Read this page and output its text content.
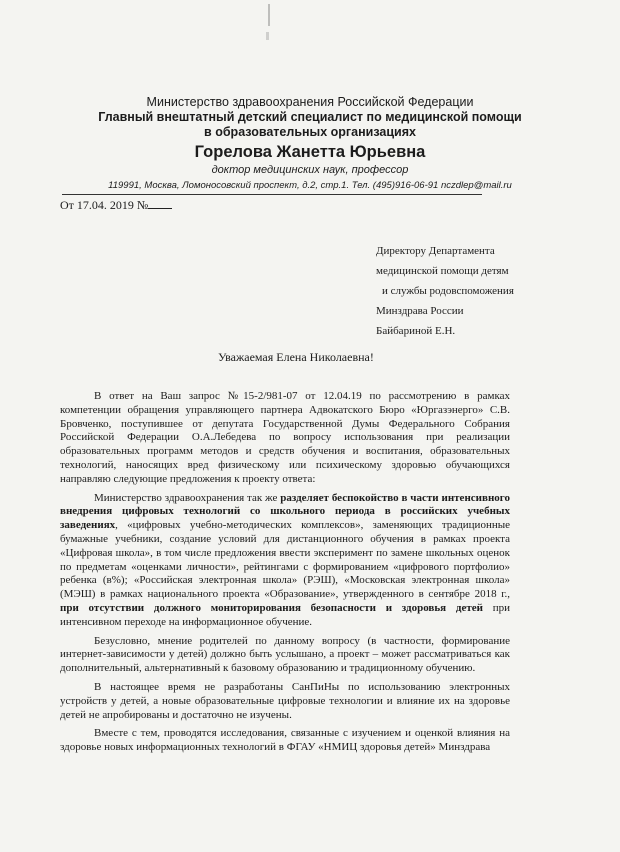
Министерство здравоохранения Российской Федерации
Главный внештатный детский специалист по медицинской помощи
в образовательных организациях
Горелова Жанетта Юрьевна
доктор медицинских наук, профессор
119991, Москва, Ломоносовский проспект, д.2, стр.1. Тел. (495)916-06-91 nczdlep@mail.ru
От 17.04. 2019 №
Директору Департамента
медицинской помощи детям
и службы родовспоможения
Минздрава России
Байбариной Е.Н.
Уважаемая Елена Николаевна!

В ответ на Ваш запрос №15-2/981-07 от 12.04.19 по рассмотрению в рамках компетенции обращения управляющего партнера Адвокатского Бюро «Юргазэнерго» С.В. Бровченко, поступившее от депутата Государственной Думы Федерального Собрания Российской Федерации О.А.Лебедева по вопросу использования при реализации образовательных программ методов и средств обучения и воспитания, образовательных технологий, наносящих вред физическому или психическому здоровью обучающихся направляю следующие предложения к проекту ответа:

Министерство здравоохранения так же разделяет беспокойство в части интенсивного внедрения цифровых технологий со школьного периода в российских учебных заведениях, «цифровых учебно-методических комплексов», заменяющих традиционные бумажные учебники, создание условий для дистанционного обучения в рамках проекта «Цифровая школа», в том числе предложения ввести эксперимент по замене школьных оценок по предметам «оценками личности», рейтингами с формированием «цифрового портфолио» ребенка (в%); «Российская электронная школа» (РЭШ), «Московская электронная школа» (МЭШ) в рамках национального проекта «Образование», утвержденного в сентябре 2018 г., при отсутствии должного мониторирования безопасности и здоровья детей при интенсивном переходе на информационное обучение.

Безусловно, мнение родителей по данному вопросу (в частности, формирование интернет-зависимости у детей) должно быть услышано, а проект – может рассматриваться как дополнительный, альтернативный к базовому образованию и традиционному обучению.

В настоящее время не разработаны СанПиНы по использованию электронных устройств у детей, а новые образовательные цифровые технологии и влияние их на здоровье детей не апробированы и достаточно не изучены.

Вместе с тем, проводятся исследования, связанные с изучением и оценкой влияния на здоровье новых информационных технологий в ФГАУ «НМИЦ здоровья детей» Минздрава
